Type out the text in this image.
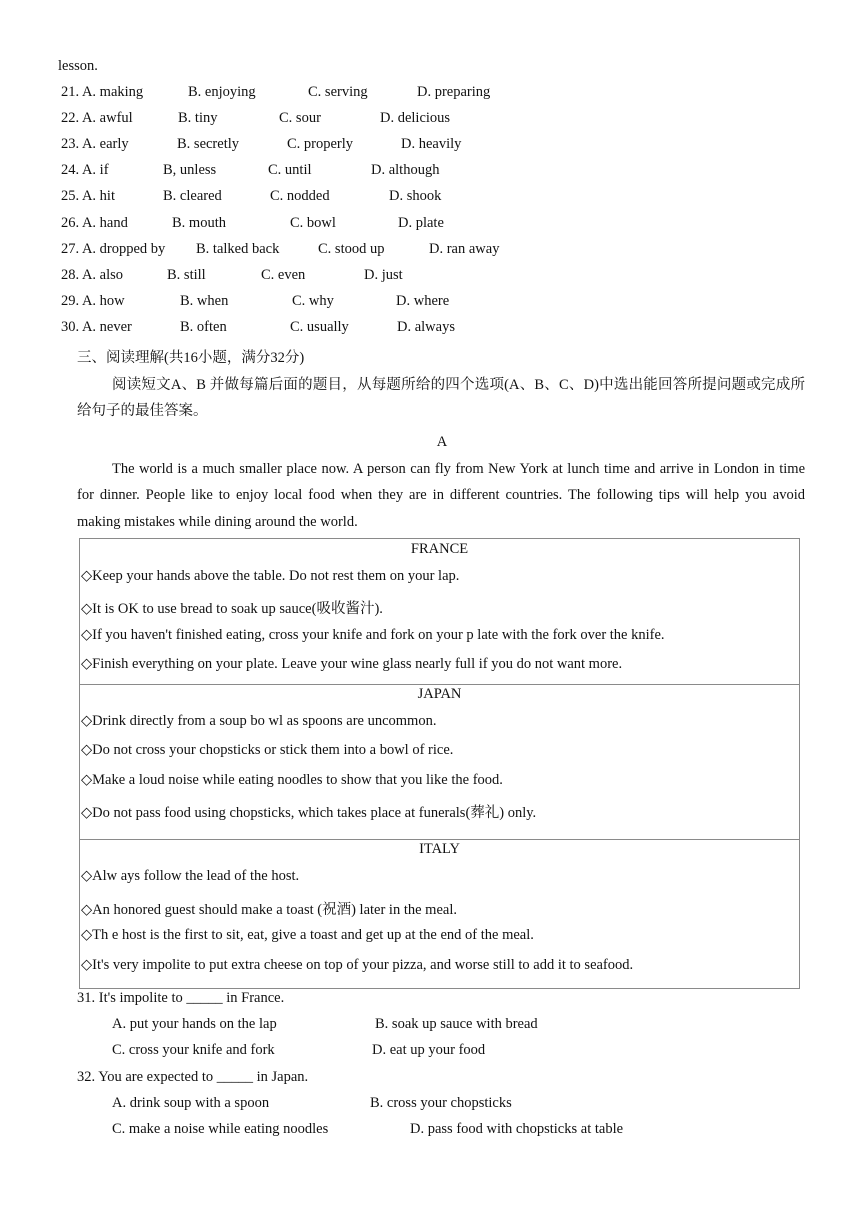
lesson.
21. A. making	B. enjoying	C. serving	D. preparing
22. A. awful	B. tiny	C. sour	D. delicious
23. A. early	B. secretly	C. properly	D. heavily
24. A. if	B, unless	C. until	D. although
25. A. hit	B. cleared	C. nodded	D. shook
26. A. hand	B. mouth	C. bowl	D. plate
27. A. dropped by B. talked back	C. stood up	D. ran away
28. A. also	B. still	C. even	D. just
29. A. how	B. when	C. why	D. where
30. A. never	B. often	C. usually	D. always
三、阅读理解(共16小题，满分32分)
阅读短文A、B 并做每篇后面的题目，从每题所给的四个选项(A、B、C、D)中选出能回答所提问题或完成所给句子的最佳答案。
A
The world is a much smaller place now. A person can fly from New York at lunch time and arrive in London in time for dinner. People like to enjoy local food when they are in different countries. The following tips will help you avoid making mistakes while dining around the world.
FRANCE
◇Keep your hands above the table. Do not rest them on your lap.
◇It is OK to use bread to soak up sauce(吸收酱汁).
◇If you haven't finished eating, cross your knife and fork on your p late with the fork over the knife.
◇Finish everything on your plate. Leave your wine glass nearly full if you do not want more.
JAPAN
◇Drink directly from a soup bo wl as spoons are uncommon.
◇Do not cross your chopsticks or stick them into a bowl of rice.
◇Make a loud noise while eating noodles to show that you like the food.
◇Do not pass food using chopsticks, which takes place at funerals(葬礼) only.
ITALY
◇Alw ays follow the lead of the host.
◇An honored guest should make a toast (祝酒) later in the meal.
◇Th e host is the first to sit, eat, give a toast and get up at the end of the meal.
◇It's very impolite to put extra cheese on top of your pizza, and worse still to add it to seafood.
31. It's impolite to _____ in France.
A. put your hands on the lap	B. soak up sauce with bread
C. cross your knife and fork	D. eat up your food
32. You are expected to _____ in Japan.
A. drink soup with a spoon	B. cross your chopsticks
C. make a noise while eating noodles	D. pass food with chopsticks at table
